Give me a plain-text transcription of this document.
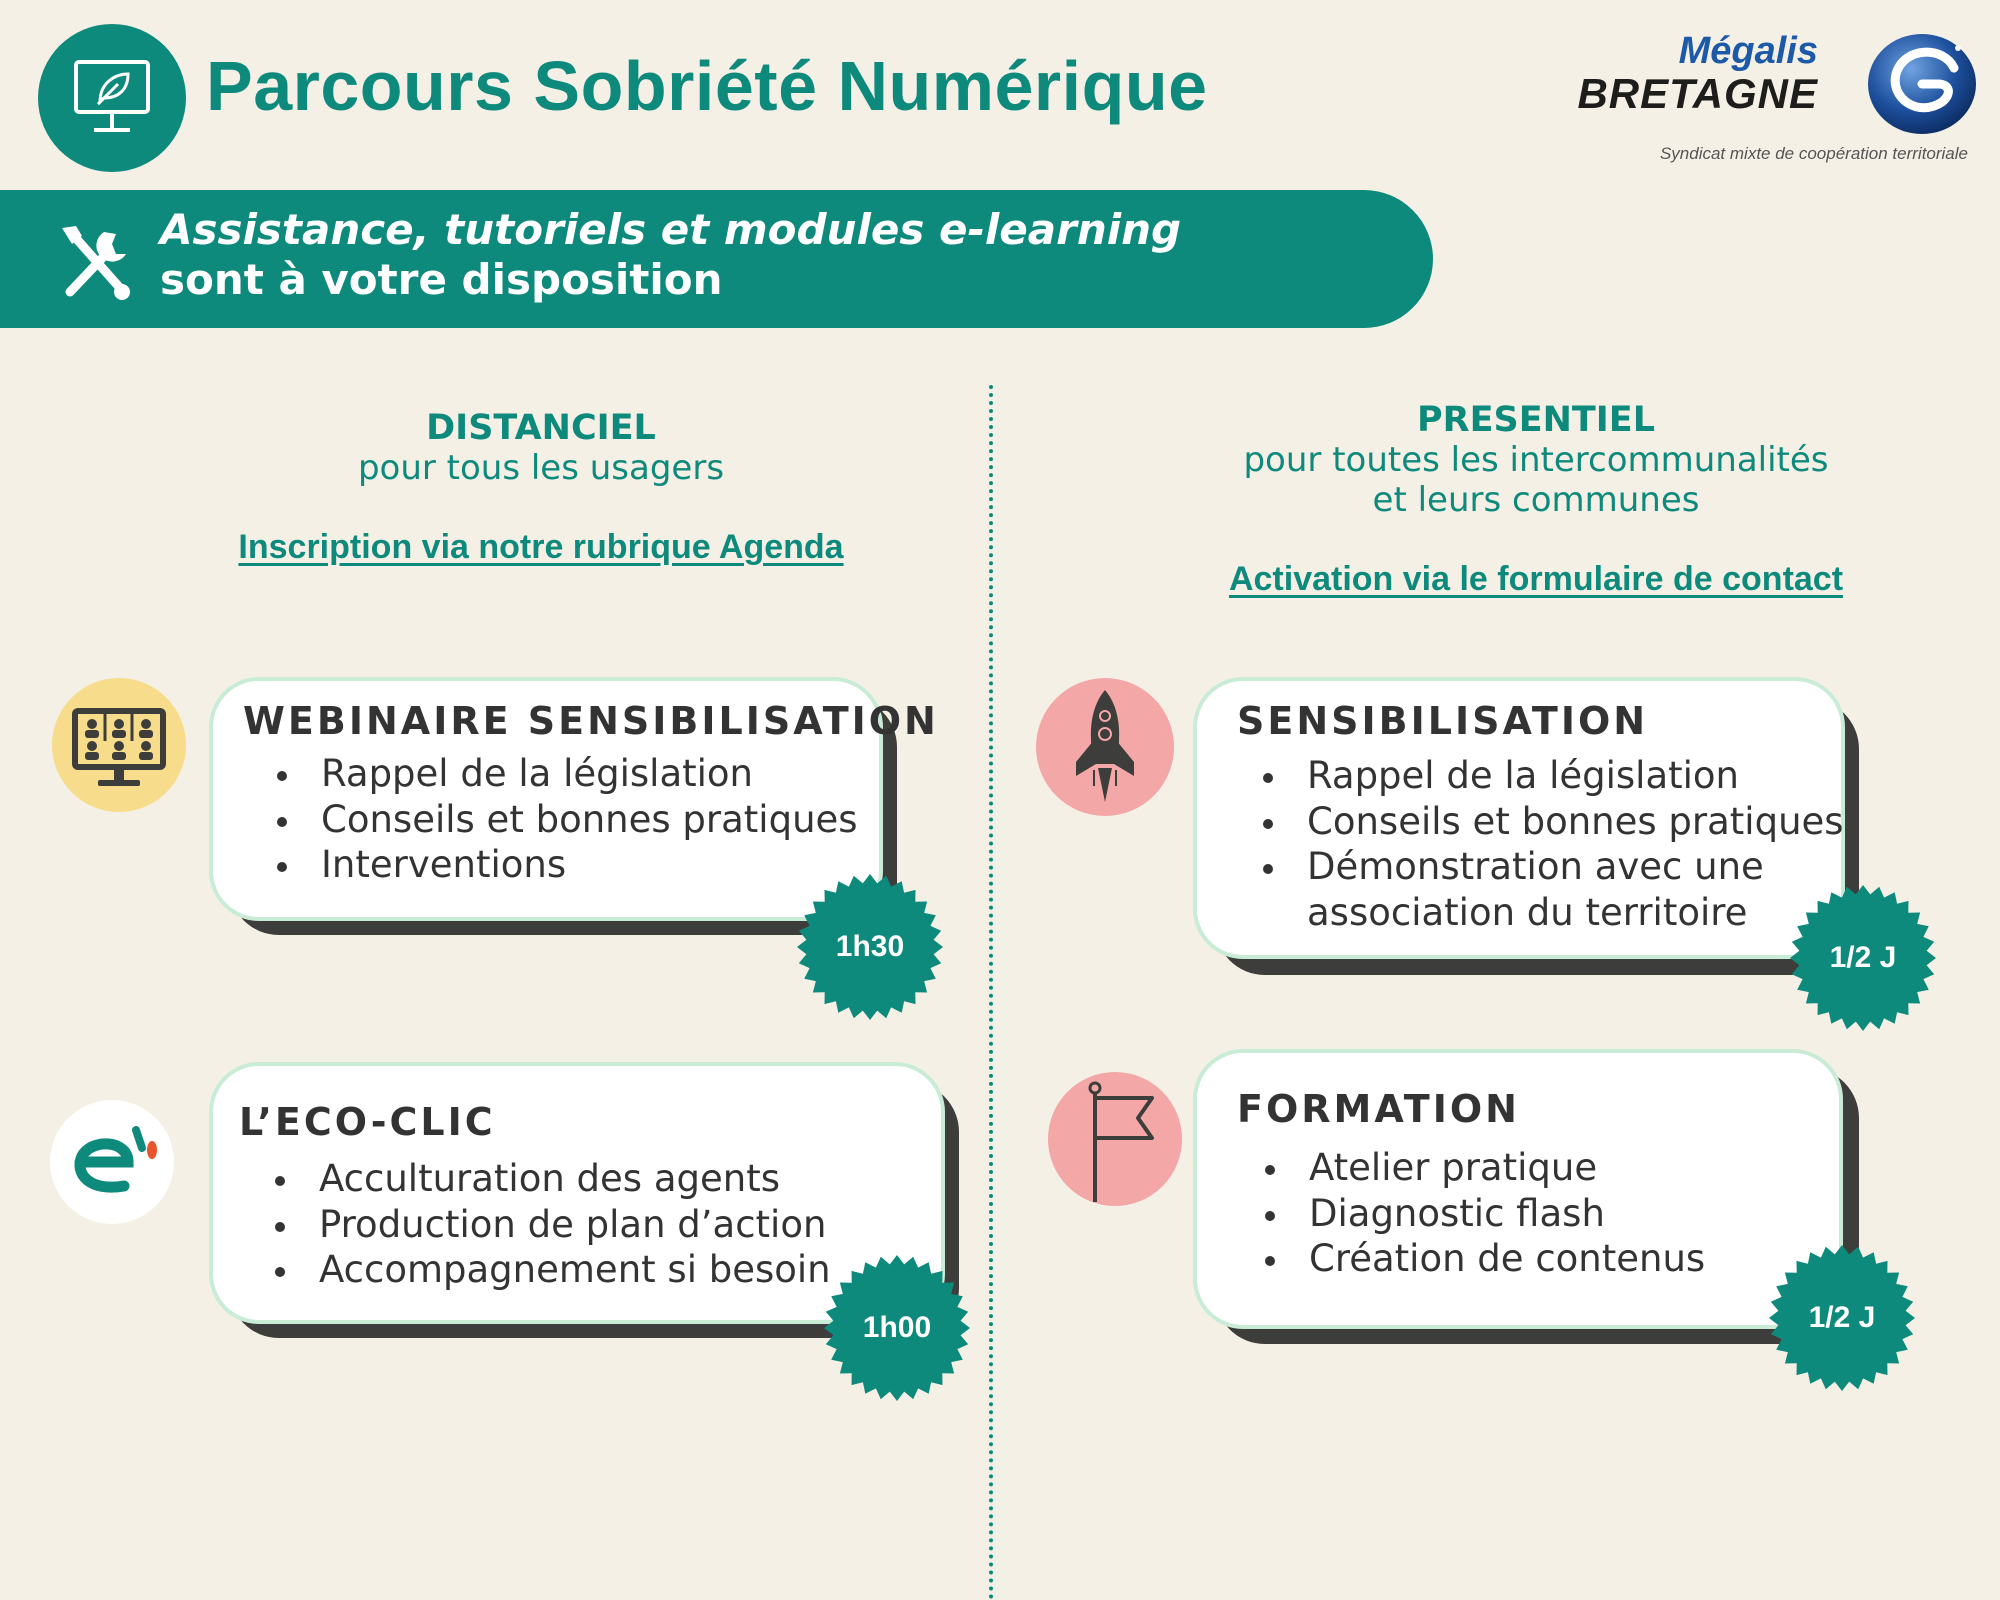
Parcours Sobriété Numérique	Mégalis
BRETAGNE
Syndicat mixte de coopération territoriale
Assistance, tutoriels et modules e-learning
sont à votre disposition
DISTANCIEL
pour tous les usagers
Inscription via notre rubrique Agenda
PRESENTIEL
pour toutes les intercommunalités
et leurs communes
Activation via le formulaire de contact
WEBINAIRE SENSIBILISATION
Rappel de la législation
Conseils et bonnes pratiques
Interventions
1h30
L’ECO-CLIC
Acculturation des agents
Production de plan d’action
Accompagnement si besoin
1h00
SENSIBILISATION
Rappel de la législation
Conseils et bonnes pratiques
Démonstration avec une
association du territoire
1/2 J
FORMATION
Atelier pratique
Diagnostic flash
Création de contenus
1/2 J
